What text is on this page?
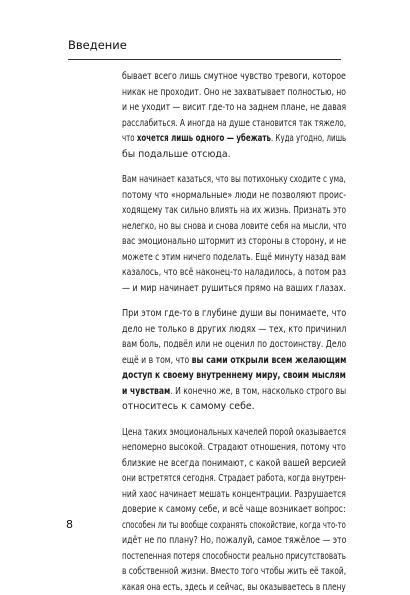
Введение
бывает всего лишь смутное чувство тревоги, которое
никак не проходит. Оно не захватывает полностью, но
и не уходит — висит где-то на заднем плане, не давая
расслабиться. А иногда на душе становится так тяжело,
что хочется лишь одного — убежать. Куда угодно, лишь
бы подальше отсюда.
Вам начинает казаться, что вы потихоньку сходите с ума,
потому что «нормальные» люди не позволяют проис-
ходящему так сильно влиять на их жизнь. Признать это
нелегко, но вы снова и снова ловите себя на мысли, что
вас эмоционально штормит из стороны в сторону, и не
можете с этим ничего поделать. Ещё минуту назад вам
казалось, что всё наконец-то наладилось, а потом раз
— и мир начинает рушиться прямо на ваших глазах.
При этом где-то в глубине души вы понимаете, что
дело не только в других людях — тех, кто причинил
вам боль, подвёл или не оценил по достоинству. Дело
ещё и в том, что вы сами открыли всем желающим
доступ к своему внутреннему миру, своим мыслям
и чувствам. И конечно же, в том, насколько строго вы
относитесь к самому себе.
Цена таких эмоциональных качелей порой оказывается
непомерно высокой. Страдают отношения, потому что
близкие не всегда понимают, с какой вашей версией
они встретятся сегодня. Страдает работа, когда внутрен-
ний хаос начинает мешать концентрации. Разрушается
доверие к самому себе, и всё чаще возникает вопрос:
способен ли ты вообще сохранять спокойствие, когда что-то
идёт не по плану? Но, пожалуй, самое тяжёлое — это
постепенная потеря способности реально присутствовать
в собственной жизни. Вместо того чтобы жить её такой,
какая она есть, здесь и сейчас, вы оказываетесь в плену
8
